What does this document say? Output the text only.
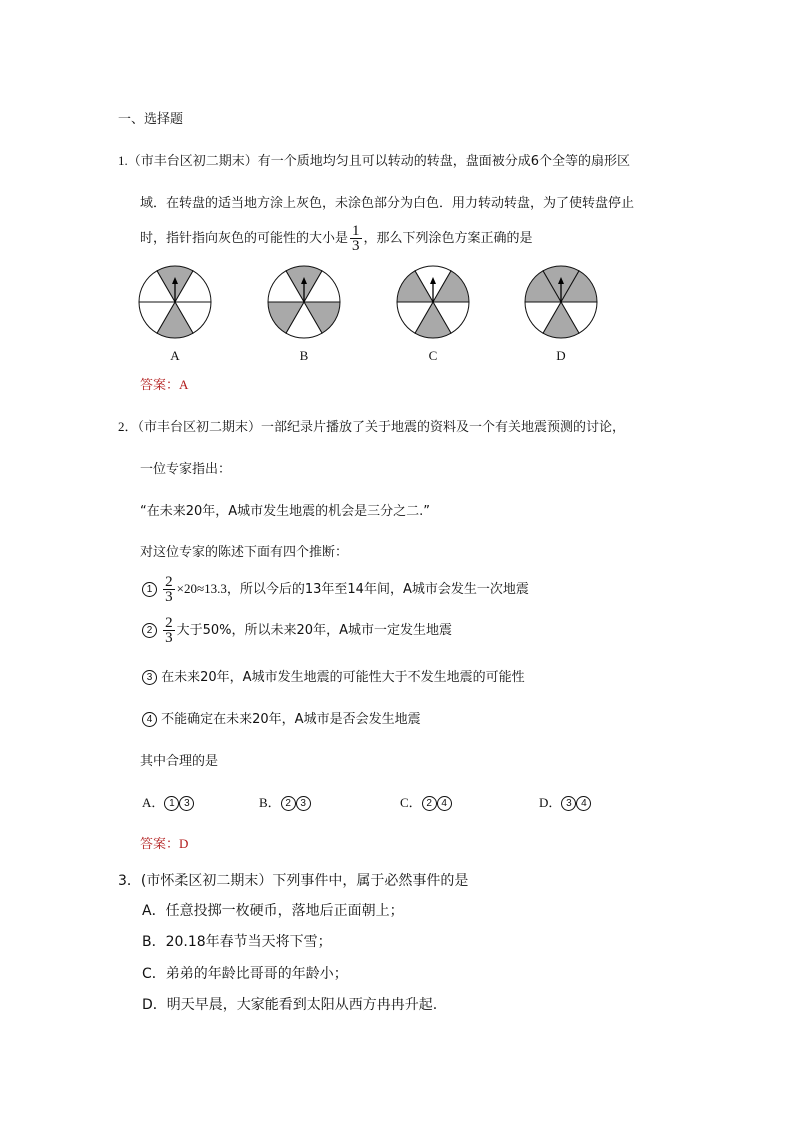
一、选择题
1.（市丰台区初二期末）有一个质地均匀且可以转动的转盘，盘面被分成6个全等的扇形区
域．在转盘的适当地方涂上灰色，未涂色部分为白色．用力转动转盘，为了使转盘停止
时，指针指向灰色的可能性的大小是 $\frac{1}{3}$ ，那么下列涂色方案正确的是
A	B	C	D
答案：A
2．（市丰台区初二期末）一部纪录片播放了关于地震的资料及一个有关地震预测的讨论，
一位专家指出：
“在未来20年，A城市发生地震的机会是三分之二.”
对这位专家的陈述下面有四个推断：
$1 \frac{2}{3} \times 20\approx 13.3$，所以今后的13年至14年间，A城市会发生一次地震
$2 \frac{2}{3}$ 大于50%，所以未来20年，A城市一定发生地震
3 在未来20年，A城市发生地震的可能性大于不发生地震的可能性
4 不能确定在未来20年，A城市是否会发生地震
其中合理的是
A． 1 3	B． 2 3	C． 2 4	D． 3 4
答案：D
3．(市怀柔区初二期末）下列事件中，属于必然事件的是
A．任意投掷一枚硬币，落地后正面朝上；
B．20.18年春节当天将下雪；
C．弟弟的年龄比哥哥的年龄小；
D．明天早晨，大家能看到太阳从西方冉冉升起.
